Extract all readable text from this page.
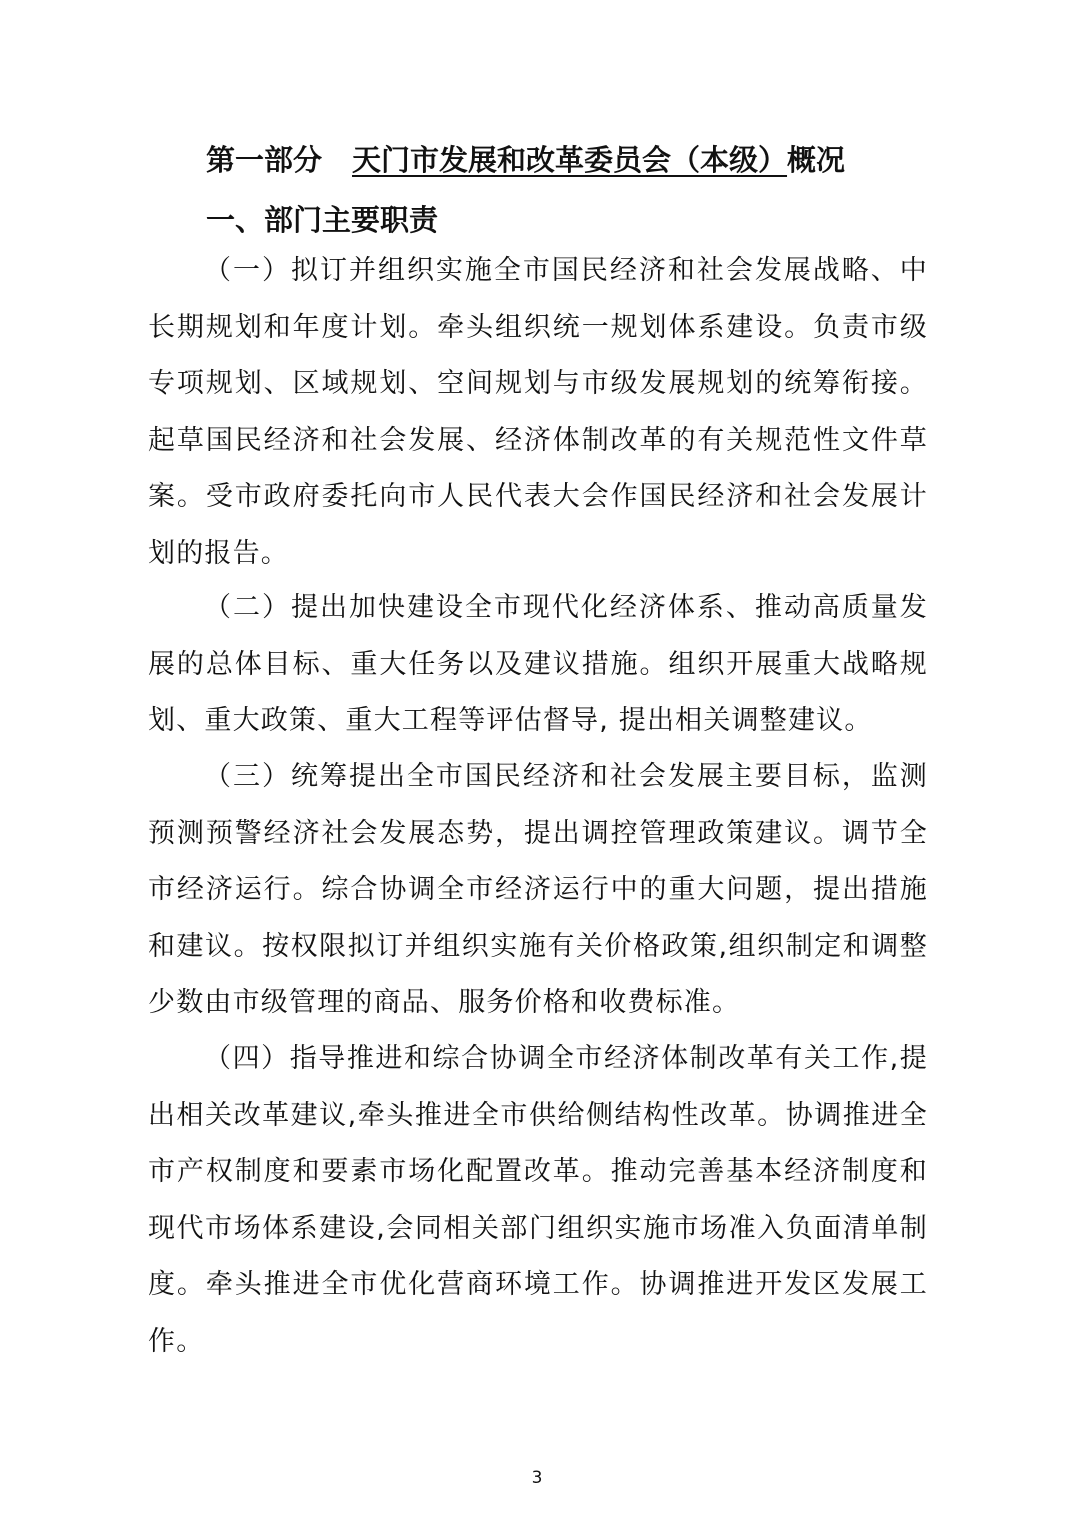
第一部分 天门市发展和改革委员会（本级）概况
一、部门主要职责

（一）拟订并组织实施全市国民经济和社会发展战略、中长期规划和年度计划。牵头组织统一规划体系建设。负责市级专项规划、区域规划、空间规划与市级发展规划的统筹衔接。起草国民经济和社会发展、经济体制改革的有关规范性文件草案。受市政府委托向市人民代表大会作国民经济和社会发展计划的报告。

（二）提出加快建设全市现代化经济体系、推动高质量发展的总体目标、重大任务以及建议措施。组织开展重大战略规划、重大政策、重大工程等评估督导, 提出相关调整建议。

（三）统筹提出全市国民经济和社会发展主要目标，监测预测预警经济社会发展态势，提出调控管理政策建议。调节全市经济运行。综合协调全市经济运行中的重大问题，提出措施和建议。按权限拟订并组织实施有关价格政策,组织制定和调整少数由市级管理的商品、服务价格和收费标准。

（四）指导推进和综合协调全市经济体制改革有关工作,提出相关改革建议,牵头推进全市供给侧结构性改革。协调推进全市产权制度和要素市场化配置改革。推动完善基本经济制度和现代市场体系建设,会同相关部门组织实施市场准入负面清单制度。牵头推进全市优化营商环境工作。协调推进开发区发展工作。

3
